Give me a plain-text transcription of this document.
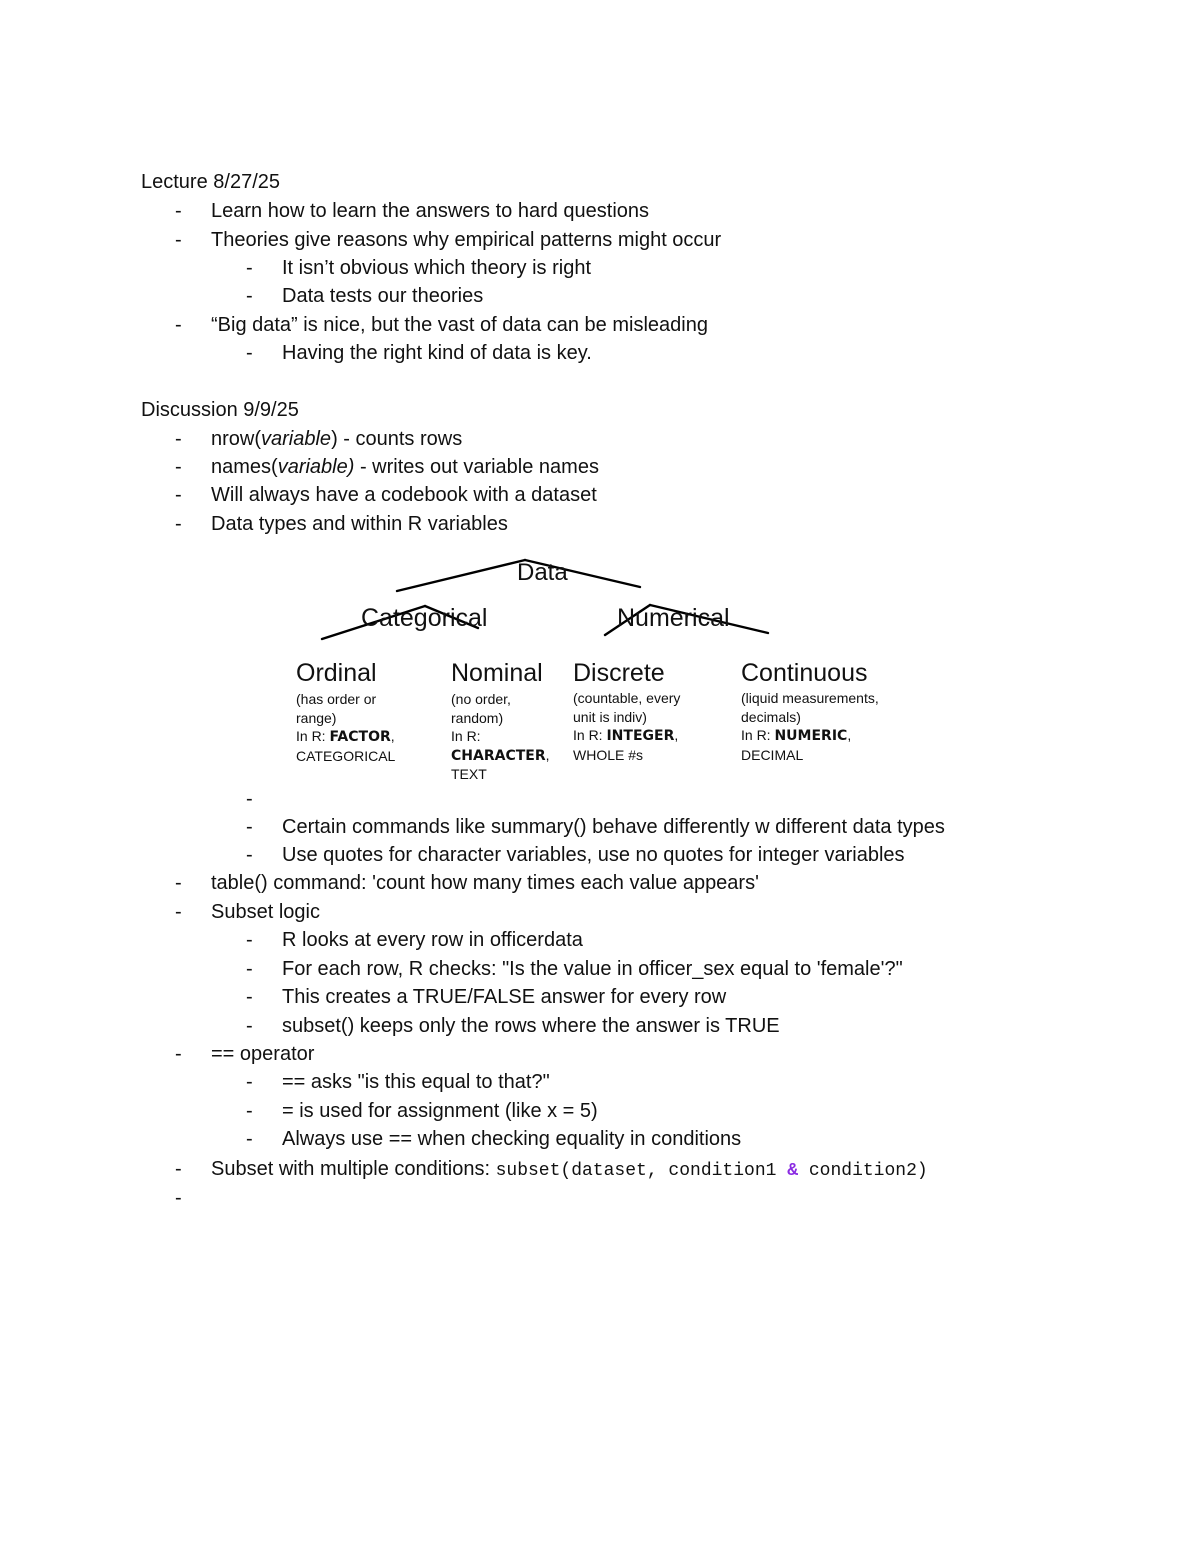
Lecture 8/27/25
- Learn how to learn the answers to hard questions
- Theories give reasons why empirical patterns might occur
- It isn’t obvious which theory is right
- Data tests our theories
- “Big data” is nice, but the vast of data can be misleading
- Having the right kind of data is key.
Discussion 9/9/25
- nrow(variable) - counts rows
- names(variable) - writes out variable names
- Will always have a codebook with a dataset
- Data types and within R variables
Data
Categorical	Numerical
Ordinal
(has order or
range)
In R: FACTOR,
CATEGORICAL
Nominal
(no order,
random)
In R:
CHARACTER,
TEXT
Discrete
(countable, every
unit is indiv)
In R: INTEGER,
WHOLE #s
Continuous
(liquid measurements,
decimals)
In R: NUMERIC,
DECIMAL
-
- Certain commands like summary() behave differently w different data types
- Use quotes for character variables, use no quotes for integer variables
- table() command: 'count how many times each value appears'
- Subset logic
- R looks at every row in officerdata
- For each row, R checks: "Is the value in officer_sex equal to 'female'?"
- This creates a TRUE/FALSE answer for every row
- subset() keeps only the rows where the answer is TRUE
- == operator
- == asks "is this equal to that?"
- = is used for assignment (like x = 5)
- Always use == when checking equality in conditions
- Subset with multiple conditions: subset(dataset, condition1 & condition2)
-
